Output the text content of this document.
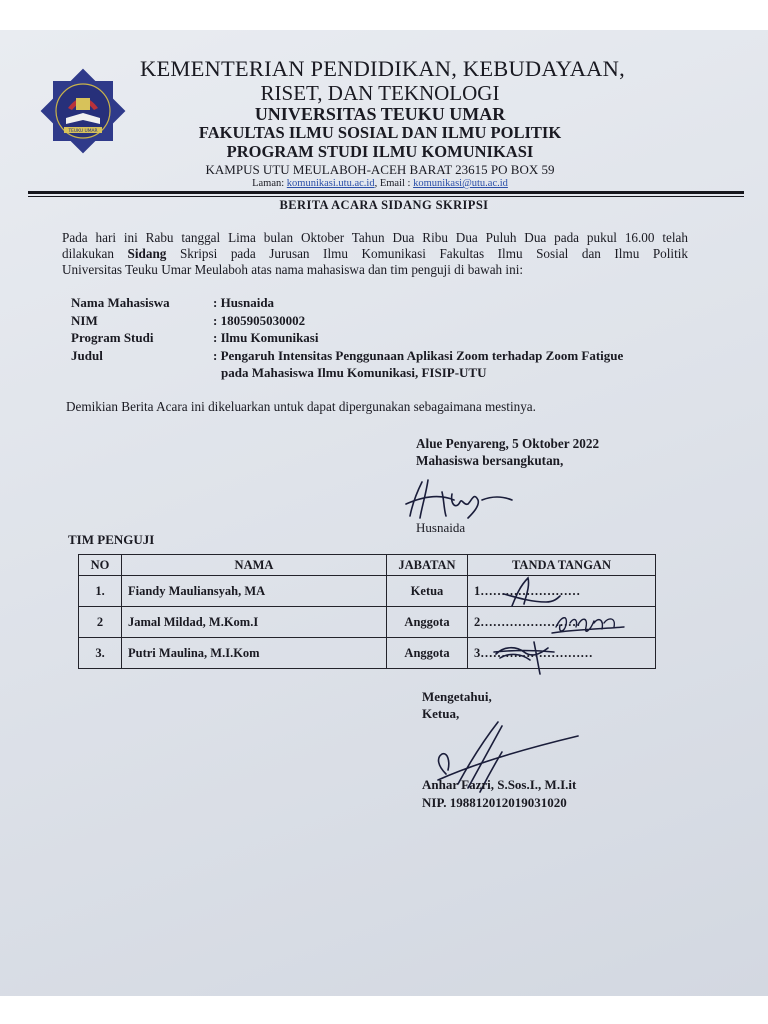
TEUKU UMAR
KEMENTERIAN PENDIDIKAN, KEBUDAYAAN,
RISET, DAN TEKNOLOGI
UNIVERSITAS TEUKU UMAR
FAKULTAS ILMU SOSIAL DAN ILMU POLITIK
PROGRAM STUDI ILMU KOMUNIKASI
KAMPUS UTU MEULABOH-ACEH BARAT 23615 PO BOX 59
Laman: komunikasi.utu.ac.id, Email : komunikasi@utu.ac.id
BERITA ACARA SIDANG SKRIPSI
Pada hari ini Rabu tanggal Lima bulan Oktober Tahun Dua Ribu Dua Puluh Dua pada pukul 16.00 telah
dilakukan Sidang Skripsi pada Jurusan Ilmu Komunikasi Fakultas Ilmu Sosial dan Ilmu Politik
Universitas Teuku Umar Meulaboh atas nama mahasiswa dan tim penguji di bawah ini:
Nama Mahasiswa	: Husnaida
NIM	: 1805905030002
Program Studi	: Ilmu Komunikasi
Judul	: Pengaruh Intensitas Penggunaan Aplikasi Zoom terhadap Zoom Fatigue
pada Mahasiswa Ilmu Komunikasi, FISIP-UTU
Demikian Berita Acara ini dikeluarkan untuk dapat dipergunakan sebagaimana mestinya.
Alue Penyareng, 5 Oktober 2022
Mahasiswa bersangkutan,
Husnaida
TIM PENGUJI
NO	NAMA	JABATAN	TANDA TANGAN
1.	Fiandy Mauliansyah, MA	Ketua	1……………………

2	Jamal Mildad, M.Kom.I	Anggota	2……………………

3.	Putri Maulina, M.I.Kom	Anggota	3………………………
Mengetahui,
Ketua,
Anhar Fazri, S.Sos.I., M.I.it
NIP. 198812012019031020
